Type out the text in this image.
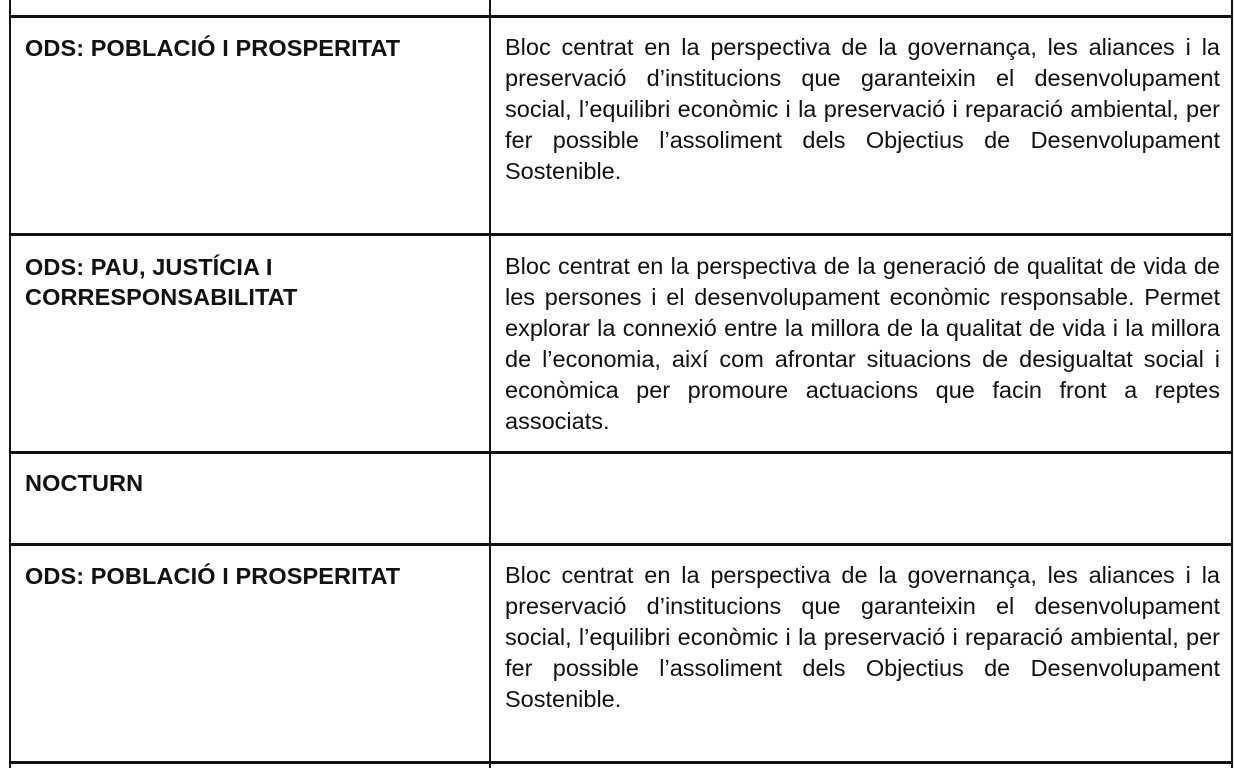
ODS: POBLACIÓ I PROSPERITAT	Bloc centrat en la perspectiva de la governança, les aliances i la preservació d’institucions que garanteixin el desenvolupament social, l’equilibri econòmic i la preservació i reparació ambiental, per fer possible l’assoliment dels Objectius de Desenvolupament Sostenible.
ODS: PAU, JUSTÍCIA I CORRESPONSABILITAT
Bloc centrat en la perspectiva de la generació de qualitat de vida de les persones i el desenvolupament econòmic responsable. Permet explorar la connexió entre la millora de la qualitat de vida i la millora de l’economia, així com afrontar situacions de desigualtat social i econòmica per promoure actuacions que facin front a reptes associats.
NOCTURN
ODS: POBLACIÓ I PROSPERITAT	Bloc centrat en la perspectiva de la governança, les aliances i la preservació d’institucions que garanteixin el desenvolupament social, l’equilibri econòmic i la preservació i reparació ambiental, per fer possible l’assoliment dels Objectius de Desenvolupament Sostenible.
